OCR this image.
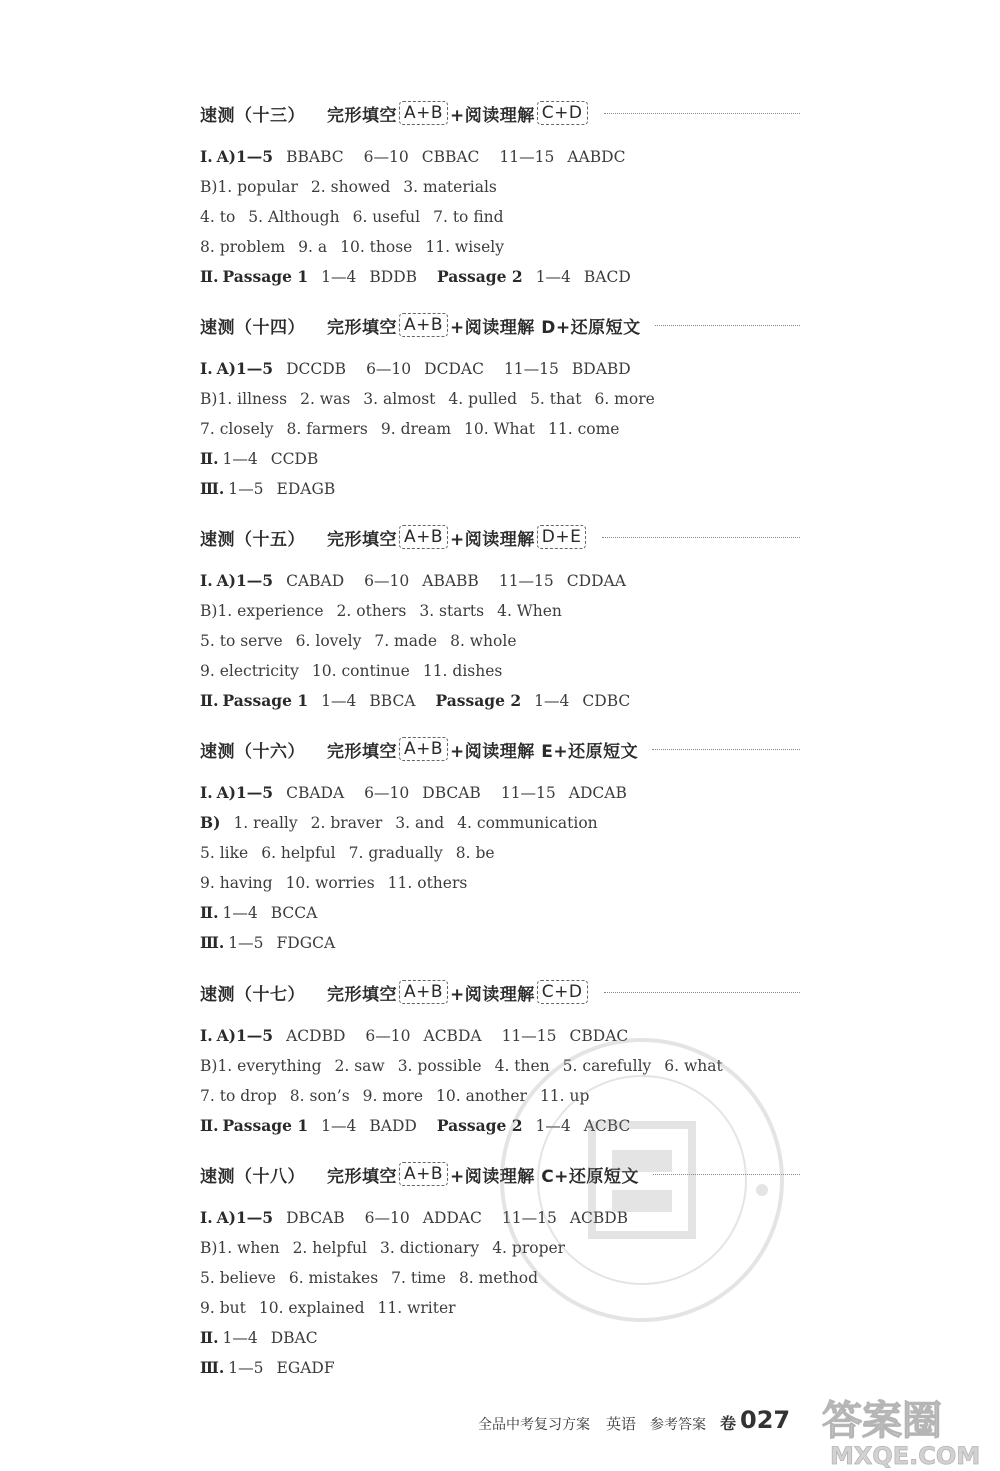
速测（十三） 完形填空 A+B +阅读理解 C+D
Ⅰ. A)1—5 BBABC 6—10 CBBAC 11—15 AABDC
B)1. popular 2. showed 3. materials
4. to 5. Although 6. useful 7. to find
8. problem 9. a 10. those 11. wisely
Ⅱ. Passage 1 1—4 BDDB Passage 2 1—4 BACD
速测（十四） 完形填空 A+B +阅读理解 D+还原短文
Ⅰ. A)1—5 DCCDB 6—10 DCDAC 11—15 BDABD
B)1. illness 2. was 3. almost 4. pulled 5. that 6. more
7. closely 8. farmers 9. dream 10. What 11. come
Ⅱ. 1—4 CCDB
Ⅲ. 1—5 EDAGB
速测（十五） 完形填空 A+B +阅读理解 D+E
Ⅰ. A)1—5 CABAD 6—10 ABABB 11—15 CDDAA
B)1. experience 2. others 3. starts 4. When
5. to serve 6. lovely 7. made 8. whole
9. electricity 10. continue 11. dishes
Ⅱ. Passage 1 1—4 BBCA Passage 2 1—4 CDBC
速测（十六） 完形填空 A+B +阅读理解 E+还原短文
Ⅰ. A)1—5 CBADA 6—10 DBCAB 11—15 ADCAB
B) 1. really 2. braver 3. and 4. communication
5. like 6. helpful 7. gradually 8. be
9. having 10. worries 11. others
Ⅱ. 1—4 BCCA
Ⅲ. 1—5 FDGCA
速测（十七） 完形填空 A+B +阅读理解 C+D
Ⅰ. A)1—5 ACDBD 6—10 ACBDA 11—15 CBDAC
B)1. everything 2. saw 3. possible 4. then 5. carefully 6. what
7. to drop 8. son’s 9. more 10. another 11. up
Ⅱ. Passage 1 1—4 BADD Passage 2 1—4 ACBC
速测（十八） 完形填空 A+B +阅读理解 C+还原短文
Ⅰ. A)1—5 DBCAB 6—10 ADDAC 11—15 ACBDB
B)1. when 2. helpful 3. dictionary 4. proper
5. believe 6. mistakes 7. time 8. method
9. but 10. explained 11. writer
Ⅱ. 1—4 DBAC
Ⅲ. 1—5 EGADF
答案圈
MXQE.COM
全品中考复习方案 英语 参考答案 卷 027
